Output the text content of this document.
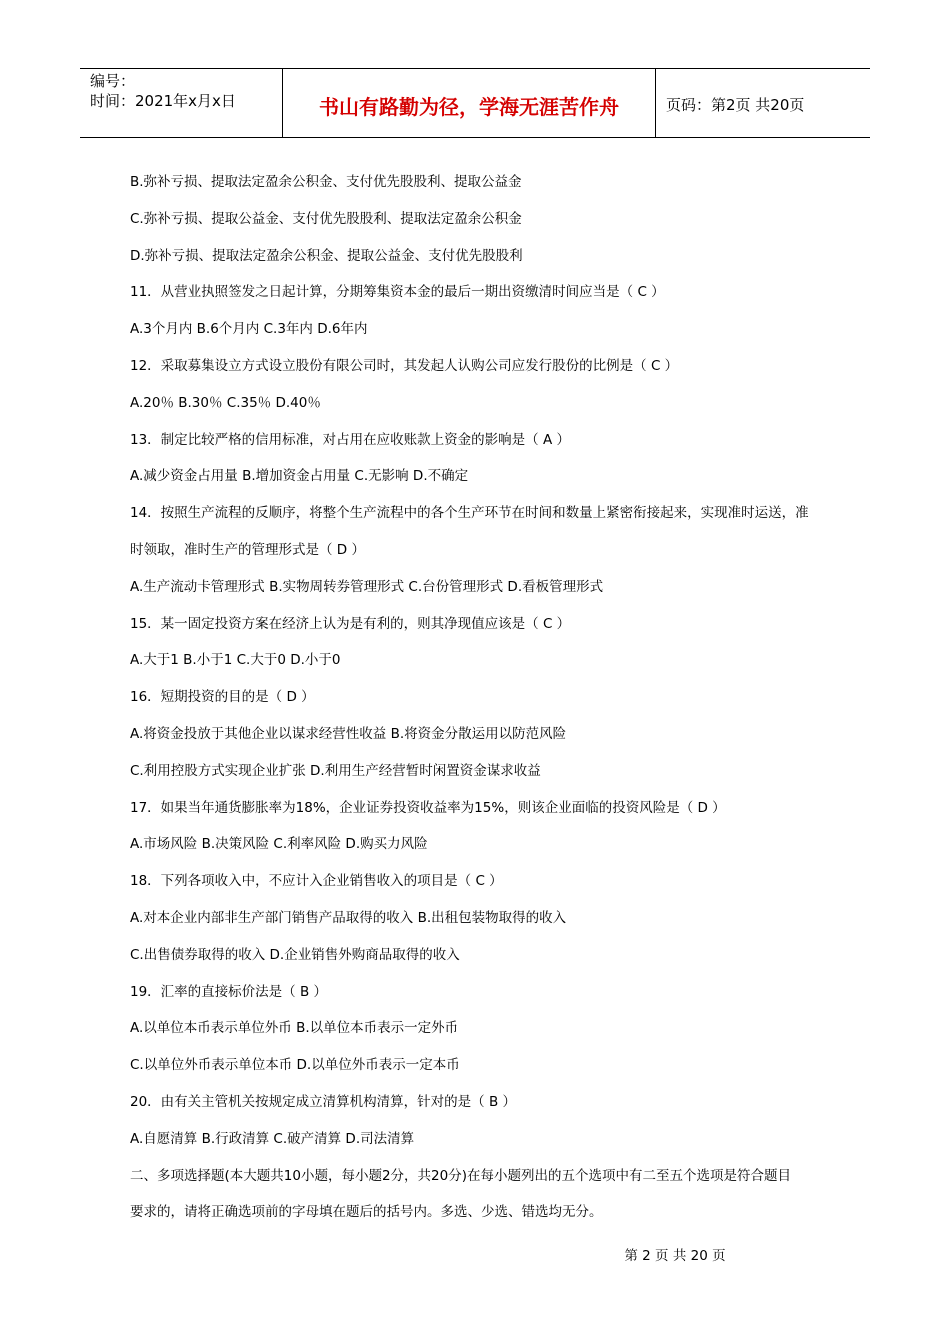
编号：
时间：2021年x月x日	书山有路勤为径，学海无涯苦作舟	页码：第2页 共20页
B.弥补亏损、提取法定盈余公积金、支付优先股股利、提取公益金
C.弥补亏损、提取公益金、支付优先股股利、提取法定盈余公积金
D.弥补亏损、提取法定盈余公积金、提取公益金、支付优先股股利
11．从营业执照签发之日起计算，分期筹集资本金的最后一期出资缴清时间应当是（ C ）
A.3个月内 B.6个月内 C.3年内 D.6年内
12．采取募集设立方式设立股份有限公司时，其发起人认购公司应发行股份的比例是（ C ）
A.20％ B.30％ C.35％ D.40％
13．制定比较严格的信用标准，对占用在应收账款上资金的影响是（ A ）
A.减少资金占用量 B.增加资金占用量 C.无影响 D.不确定
14．按照生产流程的反顺序，将整个生产流程中的各个生产环节在时间和数量上紧密衔接起来，实现准时运送，准
时领取，准时生产的管理形式是（ D ）
A.生产流动卡管理形式 B.实物周转券管理形式 C.台份管理形式 D.看板管理形式
15．某一固定投资方案在经济上认为是有利的，则其净现值应该是（ C ）
A.大于1 B.小于1 C.大于0 D.小于0
16．短期投资的目的是（ D ）
A.将资金投放于其他企业以谋求经营性收益 B.将资金分散运用以防范风险
C.利用控股方式实现企业扩张 D.利用生产经营暂时闲置资金谋求收益
17．如果当年通货膨胀率为18%，企业证券投资收益率为15%，则该企业面临的投资风险是（ D ）
A.市场风险 B.决策风险 C.利率风险 D.购买力风险
18．下列各项收入中，不应计入企业销售收入的项目是（ C ）
A.对本企业内部非生产部门销售产品取得的收入 B.出租包装物取得的收入
C.出售债券取得的收入 D.企业销售外购商品取得的收入
19．汇率的直接标价法是（ B ）
A.以单位本币表示单位外币 B.以单位本币表示一定外币
C.以单位外币表示单位本币 D.以单位外币表示一定本币
20．由有关主管机关按规定成立清算机构清算，针对的是（ B ）
A.自愿清算 B.行政清算 C.破产清算 D.司法清算
二、多项选择题(本大题共10小题，每小题2分，共20分)在每小题列出的五个选项中有二至五个选项是符合题目
要求的，请将正确选项前的字母填在题后的括号内。多选、少选、错选均无分。
第 2 页 共 20 页
